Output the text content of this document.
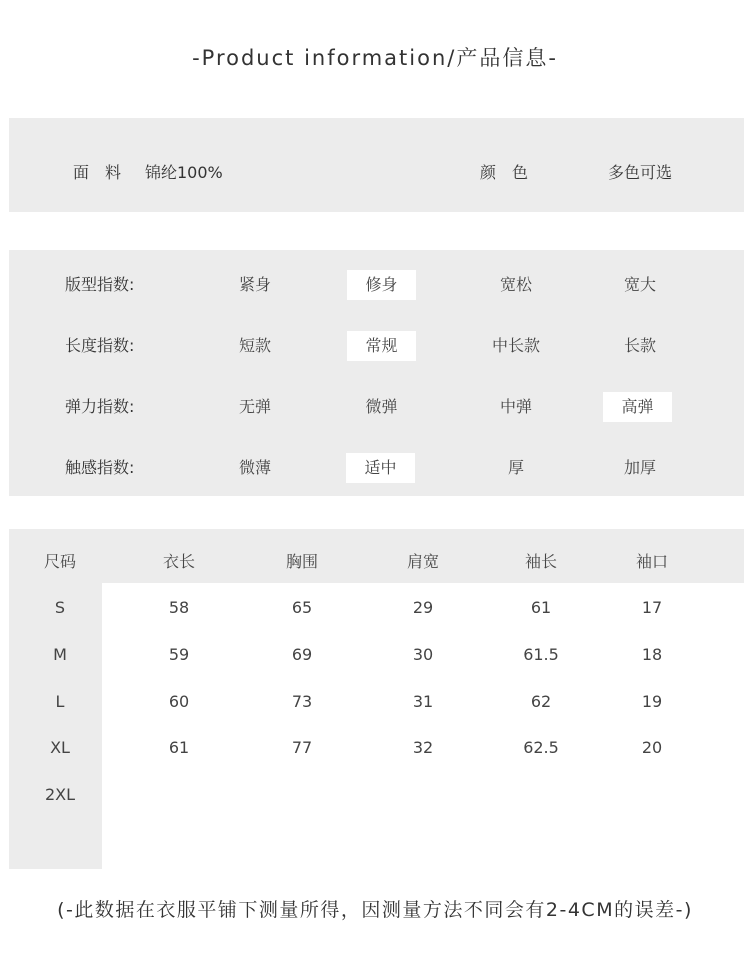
-Product information/产品信息-
面　料 锦纶100%	颜　色	多色可选
版型指数:	紧身	修身	宽松	宽大
长度指数:	短款	常规	中长款	长款
弹力指数:	无弹	微弹	中弹	高弹
触感指数:	微薄	适中	厚	加厚
尺码	衣长	胸围	肩宽	袖长	袖口
S	58	65	29	61	17
M	59	69	30	61.5	18
L	60	73	31	62	19
XL	61	77	32	62.5	20
2XL
(-此数据在衣服平铺下测量所得，因测量方法不同会有2-4CM的误差-)
